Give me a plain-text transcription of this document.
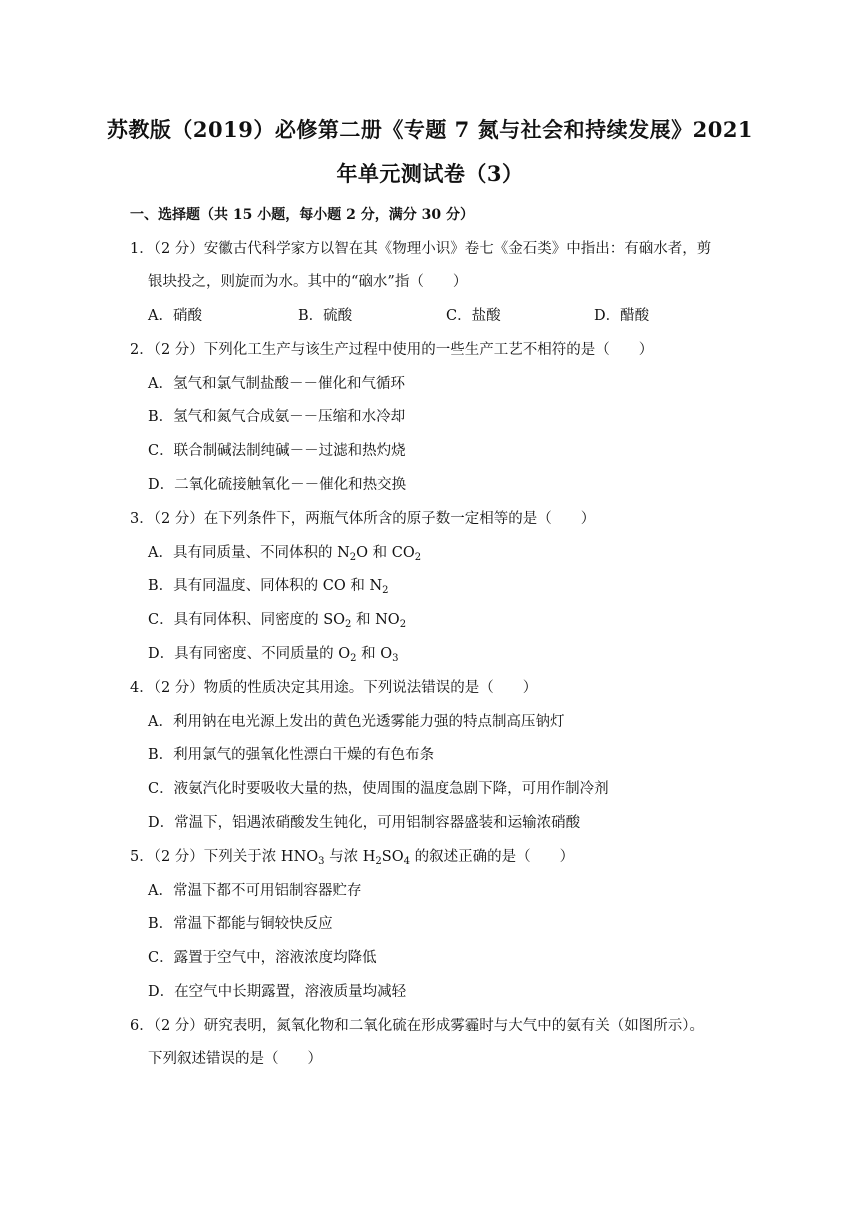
苏教版（2019）必修第二册《专题 7 氮与社会和持续发展》2021
年单元测试卷（3）
一、选择题（共 15 小题，每小题 2 分，满分 30 分）
1．（2 分）安徽古代科学家方以智在其《物理小识》卷七《金石类》中指出：有硇水者，剪
银块投之，则旋而为水。其中的“硇水”指（　　）
A．硝酸	B．硫酸	C．盐酸	D．醋酸
2．（2 分）下列化工生产与该生产过程中使用的一些生产工艺不相符的是（　　）
A．氢气和氯气制盐酸－－催化和气循环
B．氢气和氮气合成氨－－压缩和水冷却
C．联合制碱法制纯碱－－过滤和热灼烧
D．二氧化硫接触氧化－－催化和热交换
3．（2 分）在下列条件下，两瓶气体所含的原子数一定相等的是（　　）
A．具有同质量、不同体积的 $N_2O$ 和 $CO_2$
B．具有同温度、同体积的 CO 和 $N_2$
C．具有同体积、同密度的 $SO_2$ 和 $NO_2$
D．具有同密度、不同质量的 $O_2$ 和 $O_3$
4．（2 分）物质的性质决定其用途。下列说法错误的是（　　）
A．利用钠在电光源上发出的黄色光透雾能力强的特点制高压钠灯
B．利用氯气的强氧化性漂白干燥的有色布条
C．液氨汽化时要吸收大量的热，使周围的温度急剧下降，可用作制冷剂
D．常温下，铝遇浓硝酸发生钝化，可用铝制容器盛装和运输浓硝酸
5．（2 分）下列关于浓 $HNO_3$ 与浓 $H_2SO_4$ 的叙述正确的是（　　）
A．常温下都不可用铝制容器贮存
B．常温下都能与铜较快反应
C．露置于空气中，溶液浓度均降低
D．在空气中长期露置，溶液质量均减轻
6．（2 分）研究表明，氮氧化物和二氧化硫在形成雾霾时与大气中的氨有关（如图所示）。
下列叙述错误的是（　　）
